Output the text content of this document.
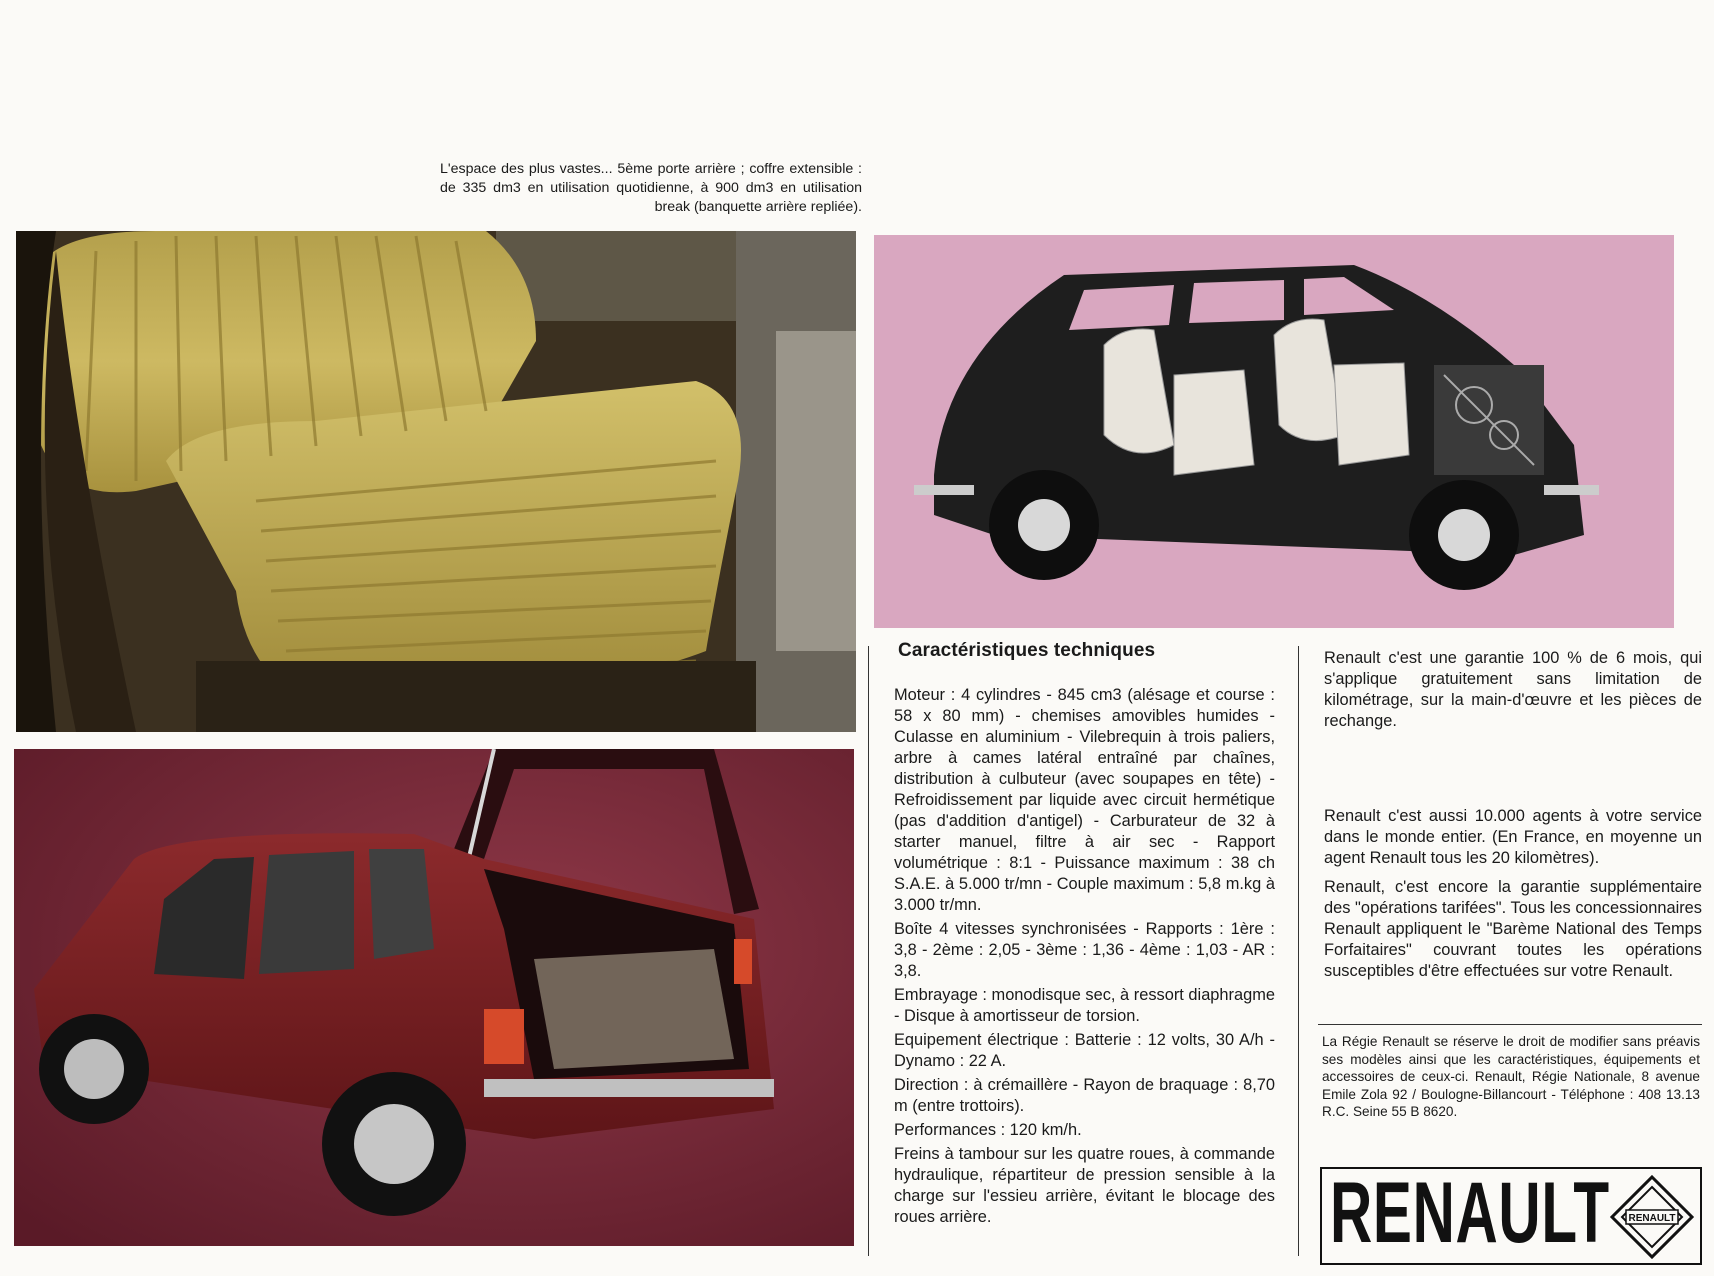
L'espace des plus vastes... 5ème porte arrière ; coffre extensible : de 335 dm3 en utilisation quotidienne, à 900 dm3 en utilisation break (banquette arrière repliée).
Caractéristiques techniques

Moteur : 4 cylindres - 845 cm3 (alésage et course : 58 x 80 mm) - chemises amovibles humides - Culasse en aluminium - Vilebrequin à trois paliers, arbre à cames latéral entraîné par chaînes, distribution à culbuteur (avec soupapes en tête) - Refroidissement par liquide avec circuit hermétique (pas d'addition d'antigel) - Carburateur de 32 à starter manuel, filtre à air sec - Rapport volumétrique : 8:1 - Puissance maximum : 38 ch S.A.E. à 5.000 tr/mn - Couple maximum : 5,8 m.kg à 3.000 tr/mn.

Boîte 4 vitesses synchronisées - Rapports : 1ère : 3,8 - 2ème : 2,05 - 3ème : 1,36 - 4ème : 1,03 - AR : 3,8.

Embrayage : monodisque sec, à ressort diaphragme - Disque à amortisseur de torsion.

Equipement électrique : Batterie : 12 volts, 30 A/h - Dynamo : 22 A.

Direction : à crémaillère - Rayon de braquage : 8,70 m (entre trottoirs).

Performances : 120 km/h.

Freins à tambour sur les quatre roues, à commande hydraulique, répartiteur de pression sensible à la charge sur l'essieu arrière, évitant le blocage des roues arrière.

Renault c'est une garantie 100 % de 6 mois, qui s'applique gratuitement sans limitation de kilométrage, sur la main-d'œuvre et les pièces de rechange.

Renault c'est aussi 10.000 agents à votre service dans le monde entier. (En France, en moyenne un agent Renault tous les 20 kilomètres).

Renault, c'est encore la garantie supplémentaire des "opérations tarifées". Tous les concessionnaires Renault appliquent le "Barème National des Temps Forfaitaires" couvrant toutes les opérations susceptibles d'être effectuées sur votre Renault.

La Régie Renault se réserve le droit de modifier sans préavis ses modèles ainsi que les caractéristiques, équipements et accessoires de ceux-ci. Renault, Régie Nationale, 8 avenue Emile Zola 92 / Boulogne-Billancourt - Téléphone : 408 13.13 R.C. Seine 55 B 8620.
RENAULT RENAULT
